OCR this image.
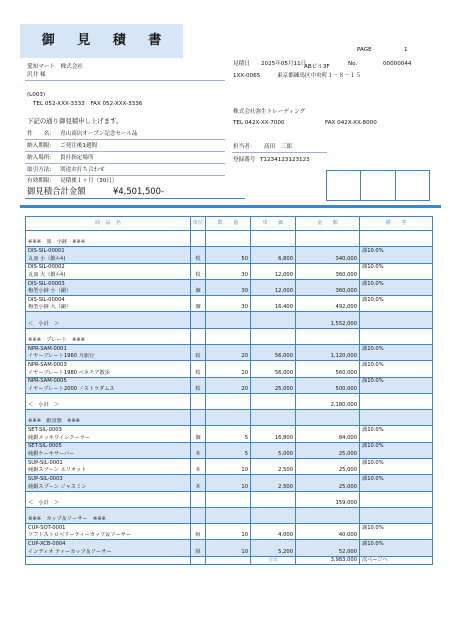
御 見 積 書
PAGE	1
愛知マート　株式会社
沢井 様
(L003)
TEL 052-XXX-3333　FAX 052-XXX-3336
見積日 2025年05月11日	No.	00000044
ABビル3F
1XX-0065	東京都練馬区中央町１－８－１５
株式会社弥生トレーディング
TEL 042X-XX-7000	FAX 042X-XX-8000
担当者： 高田　三郎
登録番号 T1234123123123
下記の通り御見積申し上げます。
件　　名： 青山商店オープン記念セール品
納入期限： ご発注後1週間
納入場所： 貴社指定場所
取引方法： 別途お打ち合わせ
有効期限： 見積後１ヶ月（30日）
御見積合計金額	¥4,501,500-
商　品　名	単位	数　　量	単　　価	金　　額	備　　考

※※※　皿　小鉢　※※※					
DIS-SIL-00001					課10.0%
丸皿 小（銀ﾒｯｷ)	枚	50	6,800	340,000	
DIS-SIL-00002					課10.0%
丸皿 大（銀ﾒｯｷ)	枚	30	12,000	360,000	
DIS-SIL-00003					課10.0%
梅型小鉢 小（銅）	個	30	12,000	360,000	
DIS-SIL-00004					課10.0%
梅型小鉢 大（銅）	個	30	16,400	492,000	

＜　小計　＞				1,552,000	

※※※　プレート　※※※					
NPR-SAM-0001					課10.0%
イヤープレート1960 月旅行	枚	20	56,000	1,120,000	
NPR-SAM-0003					課10.0%
イヤープレート1980 ベネチア散歩	枚	10	56,000	560,000	
NPR-SAM-0005					課10.0%
イヤープレート2000 ノストラダムス	枚	20	25,000	500,000	

＜　小計　＞				2,180,000	

※※※　銀食器　※※※					
SET-SIL-0003					課10.0%
純銀メッキワインクーラー	個	5	16,800	84,000	
SET-SIL-0005					課10.0%
純銀ケーキサーバー	本	5	5,000	25,000	
SUP-SIL-0001					課10.0%
純銀スプーン エリオット	本	10	2,500	25,000	
SUP-SIL-0003					課10.0%
純銀スプーン ジャスミン	本	10	2,500	25,000	

＜　小計　＞				159,000	

※※※　カップ＆ソーサー　※※※					
CUP-SOT-0001					課10.0%
ソフトストロベリーティーカップ＆ソーサー	組	10	4,000	40,000	
CUP-XCB-0004					課10.0%
インディオ ティーカップ＆ソーサー	組	10	5,200	52,000	
			合計	3,983,000	次ページへ
